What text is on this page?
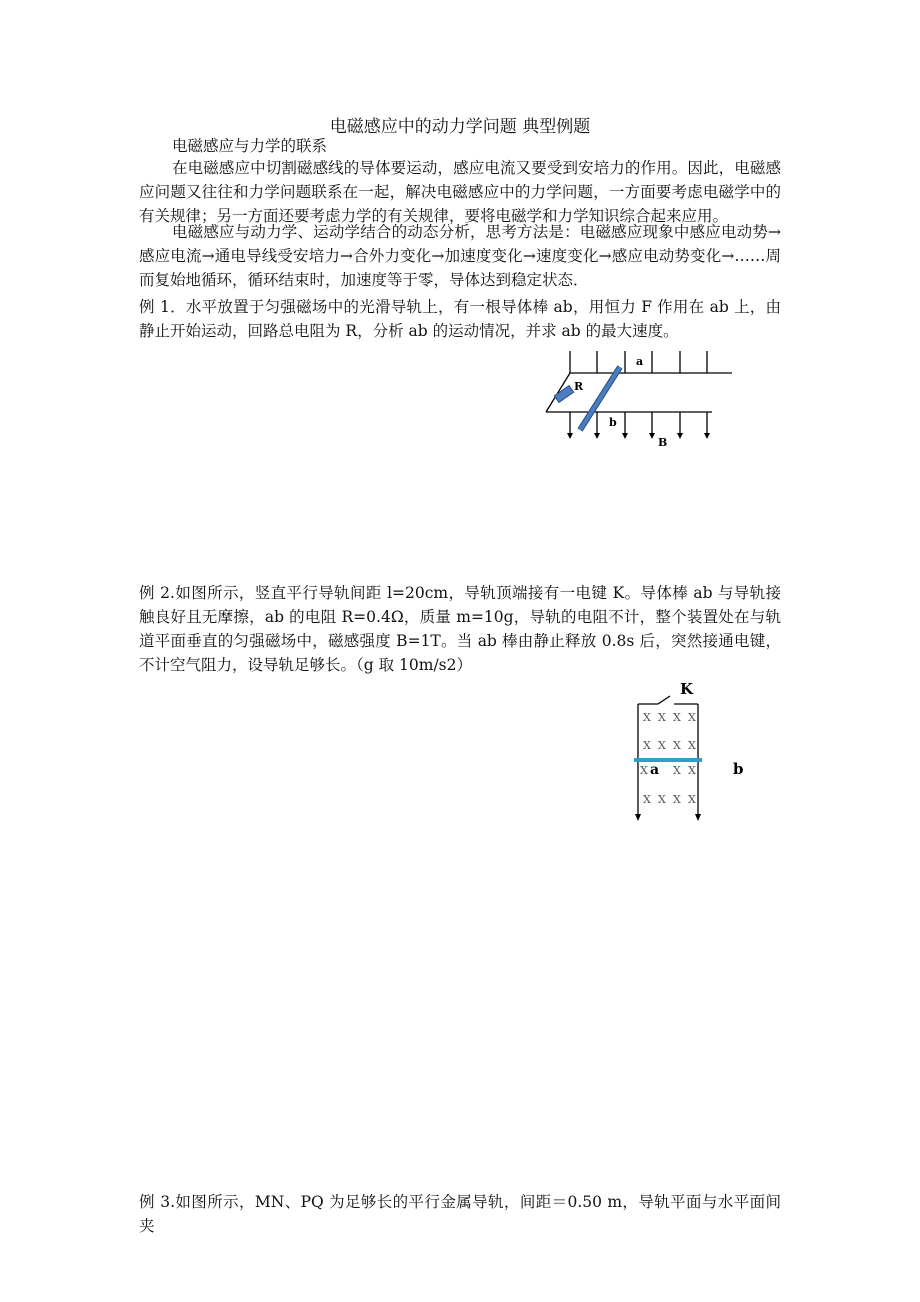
电磁感应中的动力学问题 典型例题
电磁感应与力学的联系
在电磁感应中切割磁感线的导体要运动，感应电流又要受到安培力的作用。因此，电磁感应问题又往往和力学问题联系在一起，解决电磁感应中的力学问题，一方面要考虑电磁学中的有关规律；另一方面还要考虑力学的有关规律，要将电磁学和力学知识综合起来应用。
电磁感应与动力学、运动学结合的动态分析，思考方法是：电磁感应现象中感应电动势→感应电流→通电导线受安培力→合外力变化→加速度变化→速度变化→感应电动势变化→……周而复始地循环，循环结束时，加速度等于零，导体达到稳定状态．
例 1．水平放置于匀强磁场中的光滑导轨上，有一根导体棒 ab，用恒力 F 作用在 ab 上，由静止开始运动，回路总电阻为 R，分析 ab 的运动情况，并求 ab 的最大速度。
a
b
R
B
例 2.如图所示，竖直平行导轨间距 l=20cm，导轨顶端接有一电键 K。导体棒 ab 与导轨接触良好且无摩擦，ab 的电阻 R=0.4Ω，质量 m=10g，导轨的电阻不计，整个装置处在与轨道平面垂直的匀强磁场中，磁感强度 B=1T。当 ab 棒由静止释放 0.8s 后，突然接通电键，不计空气阻力，设导轨足够长。（g 取 10m/s2）
X X X X
X X X X
X X X
X X X X
K
a	b
例 3.如图所示，MN、PQ 为足够长的平行金属导轨，间距＝0.50 m，导轨平面与水平面间夹
